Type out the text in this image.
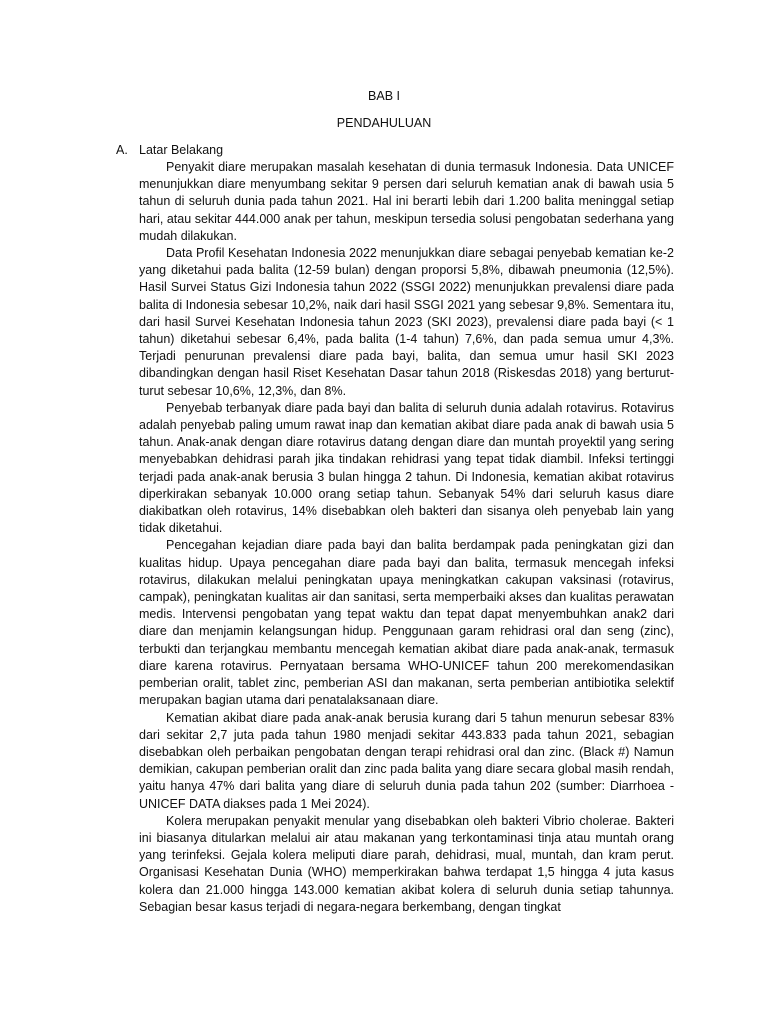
BAB I
PENDAHULUAN
A. Latar Belakang

Penyakit diare merupakan masalah kesehatan di dunia termasuk Indonesia. Data UNICEF menunjukkan diare menyumbang sekitar 9 persen dari seluruh kematian anak di bawah usia 5 tahun di seluruh dunia pada tahun 2021. Hal ini berarti lebih dari 1.200 balita meninggal setiap hari, atau sekitar 444.000 anak per tahun, meskipun tersedia solusi pengobatan sederhana yang mudah dilakukan.

Data Profil Kesehatan Indonesia 2022 menunjukkan diare sebagai penyebab kematian ke-2 yang diketahui pada balita (12-59 bulan) dengan proporsi 5,8%, dibawah pneumonia (12,5%). Hasil Survei Status Gizi Indonesia tahun 2022 (SSGI 2022) menunjukkan prevalensi diare pada balita di Indonesia sebesar 10,2%, naik dari hasil SSGI 2021 yang sebesar 9,8%. Sementara itu, dari hasil Survei Kesehatan Indonesia tahun 2023 (SKI 2023), prevalensi diare pada bayi (< 1 tahun) diketahui sebesar 6,4%, pada balita (1-4 tahun) 7,6%, dan pada semua umur 4,3%. Terjadi penurunan prevalensi diare pada bayi, balita, dan semua umur hasil SKI 2023 dibandingkan dengan hasil Riset Kesehatan Dasar tahun 2018 (Riskesdas 2018) yang berturut-turut sebesar 10,6%, 12,3%, dan 8%.

Penyebab terbanyak diare pada bayi dan balita di seluruh dunia adalah rotavirus. Rotavirus adalah penyebab paling umum rawat inap dan kematian akibat diare pada anak di bawah usia 5 tahun. Anak-anak dengan diare rotavirus datang dengan diare dan muntah proyektil yang sering menyebabkan dehidrasi parah jika tindakan rehidrasi yang tepat tidak diambil. Infeksi tertinggi terjadi pada anak-anak berusia 3 bulan hingga 2 tahun. Di Indonesia, kematian akibat rotavirus diperkirakan sebanyak 10.000 orang setiap tahun. Sebanyak 54% dari seluruh kasus diare diakibatkan oleh rotavirus, 14% disebabkan oleh bakteri dan sisanya oleh penyebab lain yang tidak diketahui.

Pencegahan kejadian diare pada bayi dan balita berdampak pada peningkatan gizi dan kualitas hidup. Upaya pencegahan diare pada bayi dan balita, termasuk mencegah infeksi rotavirus, dilakukan melalui peningkatan upaya meningkatkan cakupan vaksinasi (rotavirus, campak), peningkatan kualitas air dan sanitasi, serta memperbaiki akses dan kualitas perawatan medis. Intervensi pengobatan yang tepat waktu dan tepat dapat menyembuhkan anak2 dari diare dan menjamin kelangsungan hidup. Penggunaan garam rehidrasi oral dan seng (zinc), terbukti dan terjangkau membantu mencegah kematian akibat diare pada anak-anak, termasuk diare karena rotavirus. Pernyataan bersama WHO-UNICEF tahun 200 merekomendasikan pemberian oralit, tablet zinc, pemberian ASI dan makanan, serta pemberian antibiotika selektif merupakan bagian utama dari penatalaksanaan diare.

Kematian akibat diare pada anak-anak berusia kurang dari 5 tahun menurun sebesar 83% dari sekitar 2,7 juta pada tahun 1980 menjadi sekitar 443.833 pada tahun 2021, sebagian disebabkan oleh perbaikan pengobatan dengan terapi rehidrasi oral dan zinc. (Black #) Namun demikian, cakupan pemberian oralit dan zinc pada balita yang diare secara global masih rendah, yaitu hanya 47% dari balita yang diare di seluruh dunia pada tahun 202 (sumber: Diarrhoea - UNICEF DATA diakses pada 1 Mei 2024).

Kolera merupakan penyakit menular yang disebabkan oleh bakteri Vibrio cholerae. Bakteri ini biasanya ditularkan melalui air atau makanan yang terkontaminasi tinja atau muntah orang yang terinfeksi. Gejala kolera meliputi diare parah, dehidrasi, mual, muntah, dan kram perut. Organisasi Kesehatan Dunia (WHO) memperkirakan bahwa terdapat 1,5 hingga 4 juta kasus kolera dan 21.000 hingga 143.000 kematian akibat kolera di seluruh dunia setiap tahunnya. Sebagian besar kasus terjadi di negara-negara berkembang, dengan tingkat
